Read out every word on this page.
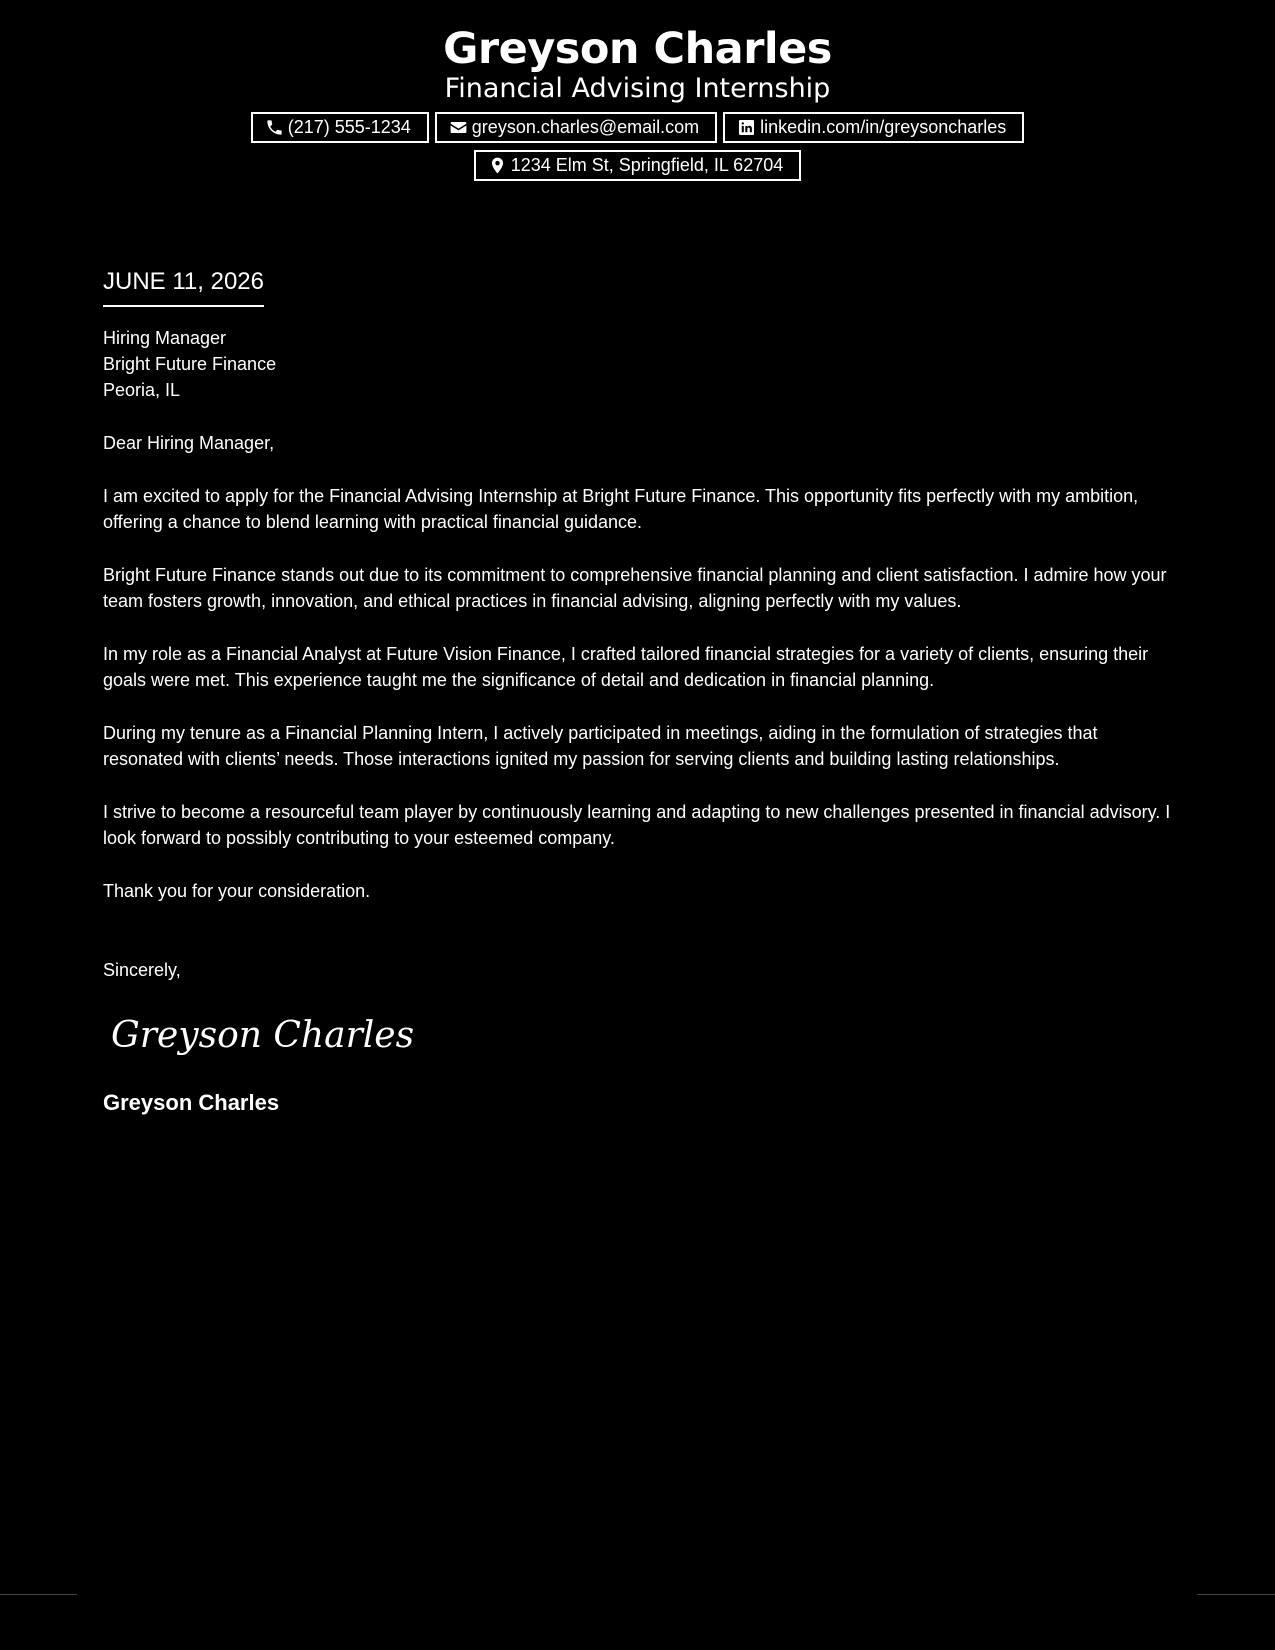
Greyson Charles
Financial Advising Internship
(217) 555-1234	greyson.charles@email.com	linkedin.com/in/greysoncharles
1234 Elm St, Springfield, IL 62704
JUNE 11, 2026
Hiring Manager
Bright Future Finance
Peoria, IL
Dear Hiring Manager,
I am excited to apply for the Financial Advising Internship at Bright Future Finance. This opportunity fits perfectly with my ambition, offering a chance to blend learning with practical financial guidance.
Bright Future Finance stands out due to its commitment to comprehensive financial planning and client satisfaction. I admire how your team fosters growth, innovation, and ethical practices in financial advising, aligning perfectly with my values.
In my role as a Financial Analyst at Future Vision Finance, I crafted tailored financial strategies for a variety of clients, ensuring their goals were met. This experience taught me the significance of detail and dedication in financial planning.
During my tenure as a Financial Planning Intern, I actively participated in meetings, aiding in the formulation of strategies that resonated with clients’ needs. Those interactions ignited my passion for serving clients and building lasting relationships.
I strive to become a resourceful team player by continuously learning and adapting to new challenges presented in financial advisory. I look forward to possibly contributing to your esteemed company.
Thank you for your consideration.
Sincerely,
Greyson Charles
Greyson Charles
